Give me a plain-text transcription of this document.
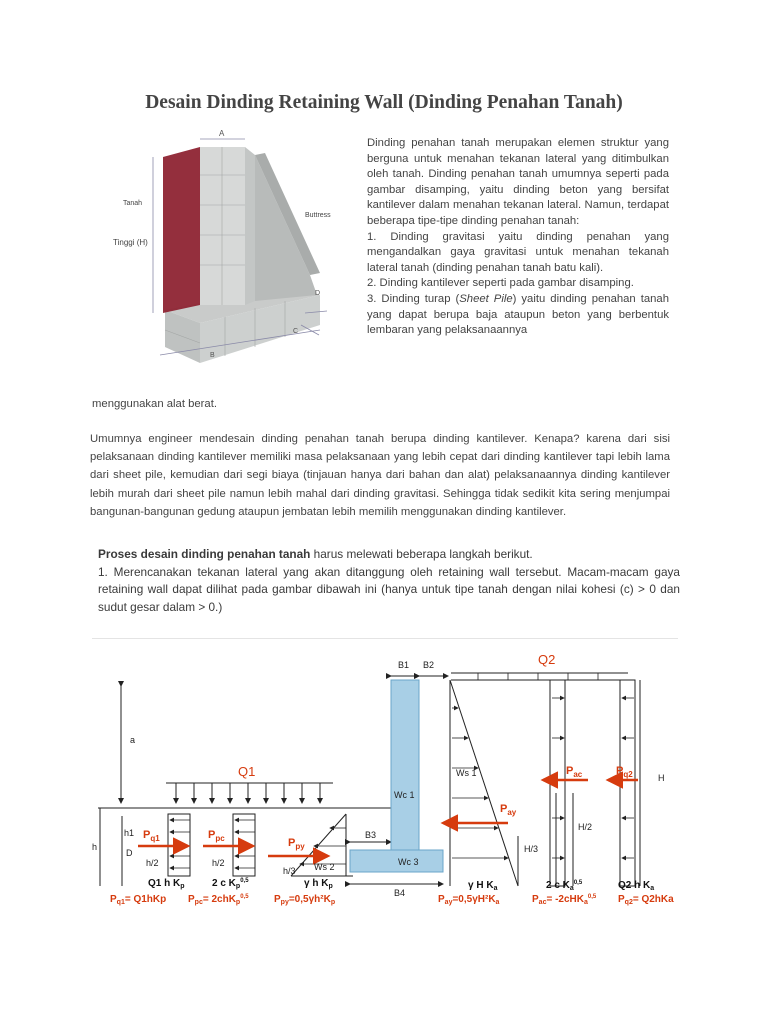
Desain Dinding Retaining Wall (Dinding Penahan Tanah)
A
Tanah
Tinggi (H)
Buttress
D
C
B

Dinding penahan tanah merupakan elemen struktur yang berguna untuk menahan tekanan lateral yang ditimbulkan oleh tanah. Dinding penahan tanah umumnya seperti pada gambar disamping, yaitu dinding beton yang bersifat kantilever dalam menahan tekanan lateral. Namun, terdapat beberapa tipe-tipe dinding penahan tanah:

1. Dinding gravitasi yaitu dinding penahan yang mengandalkan gaya gravitasi untuk menahan tekanah lateral tanah (dinding penahan tanah batu kali).

2. Dinding kantilever seperti pada gambar disamping.

3. Dinding turap (Sheet Pile) yaitu dinding penahan tanah yang dapat berupa baja ataupun beton yang berbentuk lembaran yang pelaksanaannya

menggunakan alat berat.
Umumnya engineer mendesain dinding penahan tanah berupa dinding kantilever. Kenapa? karena dari sisi pelaksanaan dinding kantilever memiliki masa pelaksanaan yang lebih cepat dari dinding kantilever tapi lebih lama dari sheet pile, kemudian dari segi biaya (tinjauan hanya dari bahan dan alat) pelaksanaannya dinding kantilever lebih murah dari sheet pile namun lebih mahal dari dinding gravitasi. Sehingga tidak sedikit kita sering menjumpai bangunan-bangunan gedung ataupun jembatan lebih memilih menggunakan dinding kantilever.
Proses desain dinding penahan tanah harus melewati beberapa langkah berikut.
1. Merencanakan tekanan lateral yang akan ditanggung oleh retaining wall tersebut. Macam-macam gaya retaining wall dapat dilihat pada gambar dibawah ini (hanya untuk tipe tanah dengan nilai kohesi (c) > 0 dan sudut gesar dalam > 0.)
a
h
h1
D
h/2	h/2
h/3
B1 B2
B3
B4
Wc 1
Wc 3
Ws 1
Ws 2
H
H/2
H/3
Q1
Q2
$P_{q1}$	$P_{pc}$	$P_{py}$
$P_{ay}$
$P_{ac}$	$P_{q2}$
Q1 h $K_p$	2 c $K_p^{0,5}$	γ h $K_p$	γ H $K_a$	2 c $K_a^{0,5}$	Q2 h $K_a$
$P_{q1}= Q1hKp$ $P_{pc}= 2chK_p^{0,5}$	$P_{py}=0,5\gamma h^2K_p$	$P_{ay}=0,5\gamma H^2K_a$	$P_{ac}= -2cHK_a^{0,5}$ $P_{q2}= Q2hKa$
